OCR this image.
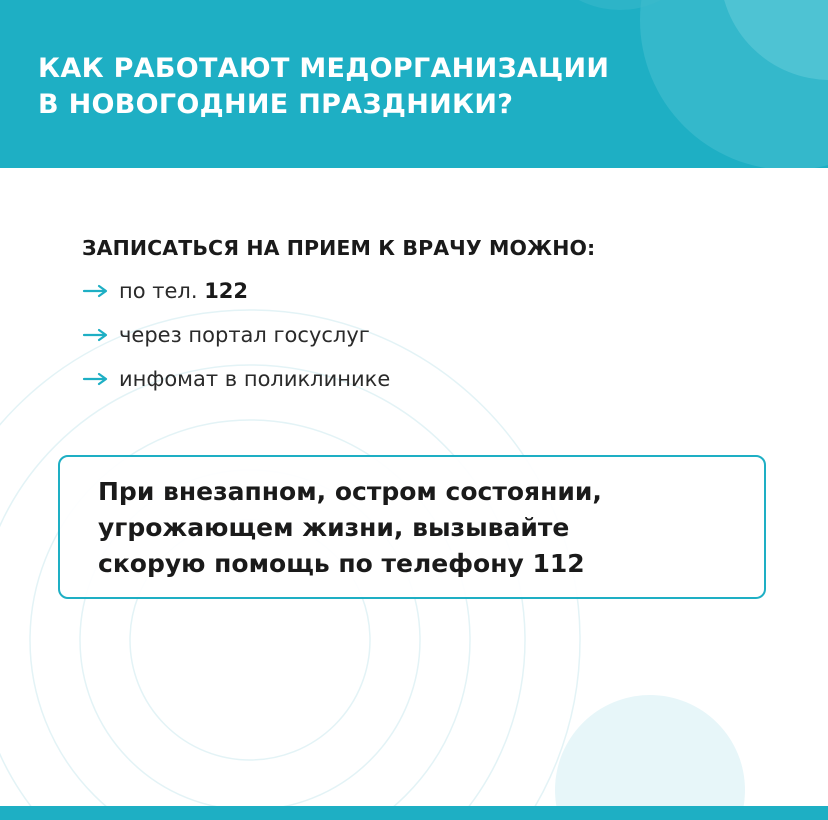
КАК РАБОТАЮТ МЕДОРГАНИЗАЦИИ
В НОВОГОДНИЕ ПРАЗДНИКИ?
ЗАПИСАТЬСЯ НА ПРИЕМ К ВРАЧУ МОЖНО:
по тел. 122
через портал госуслуг
инфомат в поликлинике

При внезапном, остром состоянии,
угрожающем жизни, вызывайте
скорую помощь по телефону 112
